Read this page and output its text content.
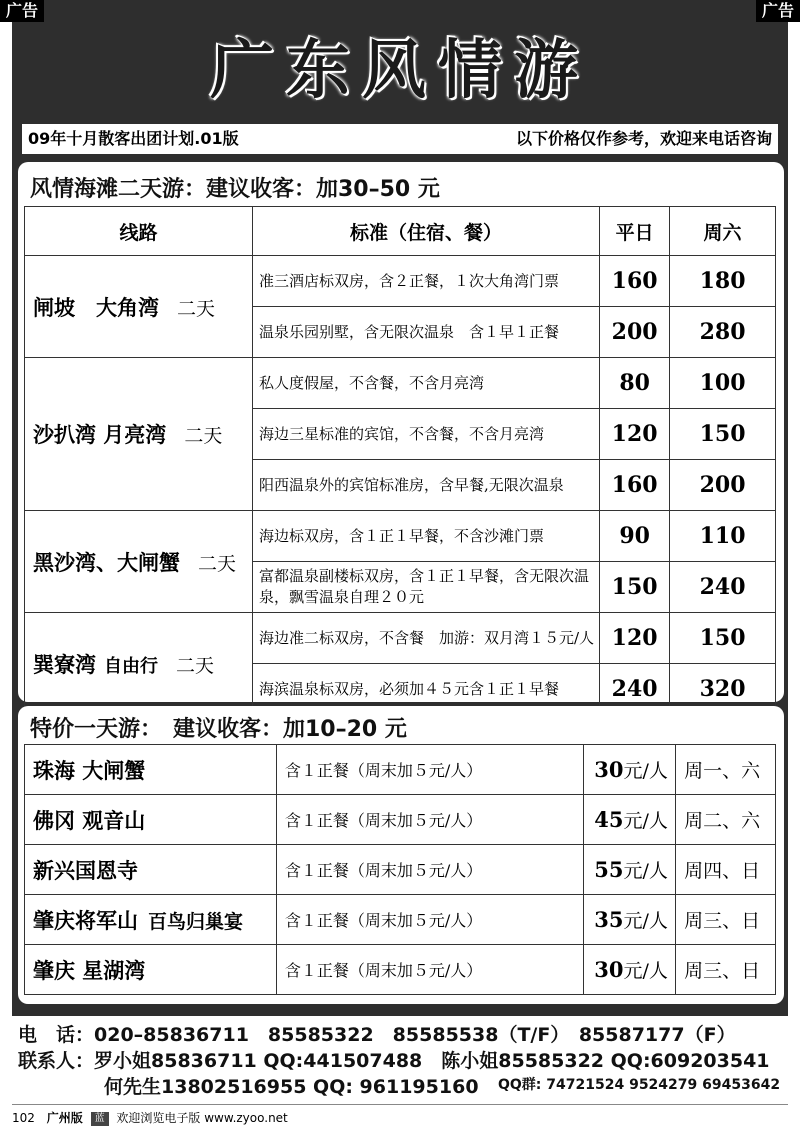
广告	广告
广东风情游
09年十月散客出团计划.01版	以下价格仅作参考，欢迎来电话咨询
风情海滩二天游：建议收客：加30–50 元
线路	标准（住宿、餐）	平日	周六
闸坡　大角湾 二天	准三酒店标双房，含２正餐，１次大角湾门票	160	180
	温泉乐园别墅，含无限次温泉　含１早１正餐	200	280
沙扒湾 月亮湾 二天	私人度假屋，不含餐，不含月亮湾	80	100
	海边三星标准的宾馆，不含餐，不含月亮湾	120	150
	阳西温泉外的宾馆标准房，含早餐,无限次温泉	160	200
黑沙湾、大闸蟹 二天	海边标双房，含１正１早餐，不含沙滩门票	90	110
	富都温泉副楼标双房，含１正１早餐，含无限次温泉，飘雪温泉自理２０元	150	240
巽寮湾 自由行 二天	海边准二标双房，不含餐　加游：双月湾１５元/人	120	150
	海滨温泉标双房，必须加４５元含１正１早餐	240	320
特价一天游：　建议收客：加10–20 元
珠海 大闸蟹	含１正餐（周末加５元/人）	30元/人	周一、六
佛冈 观音山	含１正餐（周末加５元/人）	45元/人	周二、六
新兴国恩寺	含１正餐（周末加５元/人）	55元/人	周四、日
肇庆将军山 百鸟归巢宴	含１正餐（周末加５元/人）	35元/人	周三、日
肇庆 星湖湾	含１正餐（周末加５元/人）	30元/人	周三、日
电　话：020–85836711　85585322　85585538（T/F）　85587177（F）
联系人：罗小姐85836711 QQ:441507488　陈小姐85585322 QQ:609203541
何先生13802516955 QQ: 961195160 QQ群: 74721524 9524279 69453642
102 广州版 蓝 欢迎浏览电子版 www.zyoo.net
